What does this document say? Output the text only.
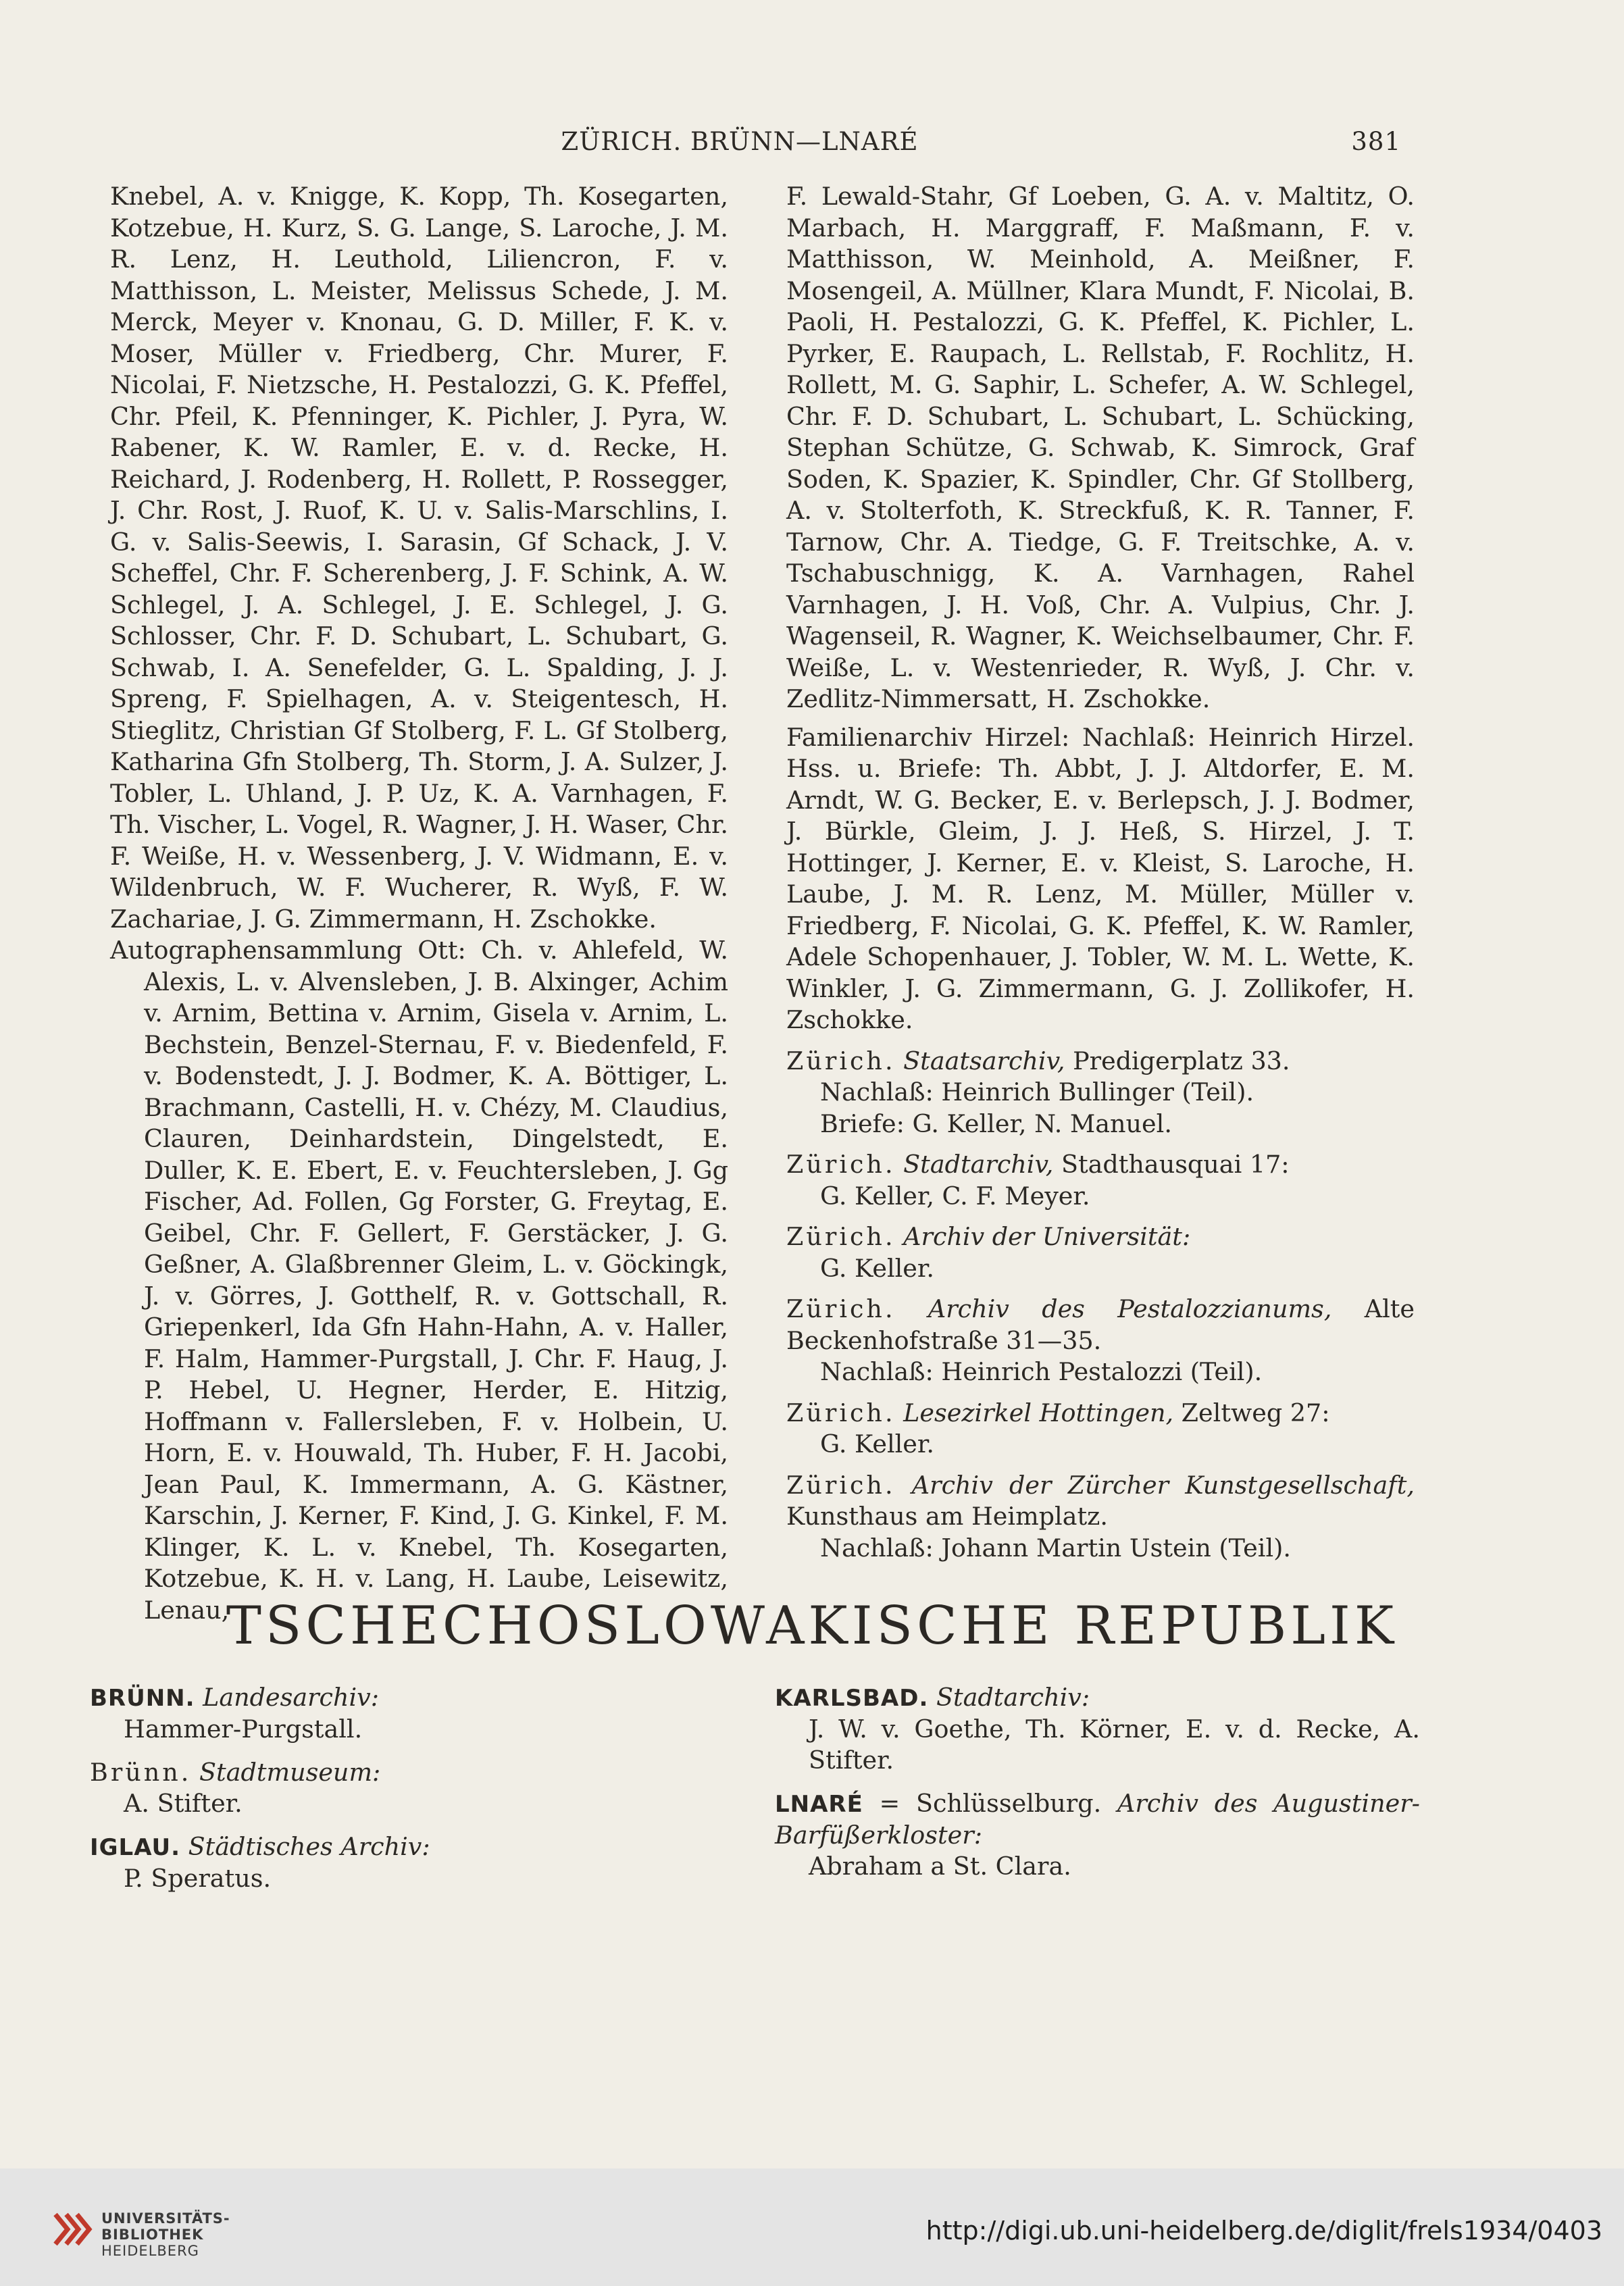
ZÜRICH. BRÜNN—LNARÉ	381

Knebel, A. v. Knigge, K. Kopp, Th. Kosegarten, Kotzebue, H. Kurz, S. G. Lange, S. Laroche, J. M. R. Lenz, H. Leuthold, Liliencron, F. v. Matthisson, L. Meister, Melissus Schede, J. M. Merck, Meyer v. Knonau, G. D. Miller, F. K. v. Moser, Müller v. Friedberg, Chr. Murer, F. Nicolai, F. Nietzsche, H. Pestalozzi, G. K. Pfeffel, Chr. Pfeil, K. Pfenninger, K. Pichler, J. Pyra, W. Rabener, K. W. Ramler, E. v. d. Recke, H. Reichard, J. Rodenberg, H. Rollett, P. Rossegger, J. Chr. Rost, J. Ruof, K. U. v. Salis-Marschlins, I. G. v. Salis-Seewis, I. Sarasin, Gf Schack, J. V. Scheffel, Chr. F. Scherenberg, J. F. Schink, A. W. Schlegel, J. A. Schlegel, J. E. Schlegel, J. G. Schlosser, Chr. F. D. Schubart, L. Schubart, G. Schwab, I. A. Senefelder, G. L. Spalding, J. J. Spreng, F. Spielhagen, A. v. Steigentesch, H. Stieglitz, Christian Gf Stolberg, F. L. Gf Stolberg, Katharina Gfn Stolberg, Th. Storm, J. A. Sulzer, J. Tobler, L. Uhland, J. P. Uz, K. A. Varnhagen, F. Th. Vischer, L. Vogel, R. Wagner, J. H. Waser, Chr. F. Weiße, H. v. Wessenberg, J. V. Widmann, E. v. Wildenbruch, W. F. Wucherer, R. Wyß, F. W. Zachariae, J. G. Zimmermann, H. Zschokke.

Autographensammlung Ott: Ch. v. Ahlefeld, W. Alexis, L. v. Alvensleben, J. B. Alxinger, Achim v. Arnim, Bettina v. Arnim, Gisela v. Arnim, L. Bechstein, Benzel-Sternau, F. v. Biedenfeld, F. v. Bodenstedt, J. J. Bodmer, K. A. Böttiger, L. Brachmann, Castelli, H. v. Chézy, M. Claudius, Clauren, Deinhardstein, Dingelstedt, E. Duller, K. E. Ebert, E. v. Feuchtersleben, J. Gg Fischer, Ad. Follen, Gg Forster, G. Freytag, E. Geibel, Chr. F. Gellert, F. Gerstäcker, J. G. Geßner, A. Glaßbrenner Gleim, L. v. Göckingk, J. v. Görres, J. Gotthelf, R. v. Gottschall, R. Griepenkerl, Ida Gfn Hahn-Hahn, A. v. Haller, F. Halm, Hammer-Purgstall, J. Chr. F. Haug, J. P. Hebel, U. Hegner, Herder, E. Hitzig, Hoffmann v. Fallersleben, F. v. Holbein, U. Horn, E. v. Houwald, Th. Huber, F. H. Jacobi, Jean Paul, K. Immermann, A. G. Kästner, Karschin, J. Kerner, F. Kind, J. G. Kinkel, F. M. Klinger, K. L. v. Knebel, Th. Kosegarten, Kotzebue, K. H. v. Lang, H. Laube, Leisewitz, Lenau,

F. Lewald-Stahr, Gf Loeben, G. A. v. Maltitz, O. Marbach, H. Marggraff, F. Maßmann, F. v. Matthisson, W. Meinhold, A. Meißner, F. Mosengeil, A. Müllner, Klara Mundt, F. Nicolai, B. Paoli, H. Pestalozzi, G. K. Pfeffel, K. Pichler, L. Pyrker, E. Raupach, L. Rellstab, F. Rochlitz, H. Rollett, M. G. Saphir, L. Schefer, A. W. Schlegel, Chr. F. D. Schubart, L. Schubart, L. Schücking, Stephan Schütze, G. Schwab, K. Simrock, Graf Soden, K. Spazier, K. Spindler, Chr. Gf Stollberg, A. v. Stolterfoth, K. Streckfuß, K. R. Tanner, F. Tarnow, Chr. A. Tiedge, G. F. Treitschke, A. v. Tschabuschnigg, K. A. Varnhagen, Rahel Varnhagen, J. H. Voß, Chr. A. Vulpius, Chr. J. Wagenseil, R. Wagner, K. Weichselbaumer, Chr. F. Weiße, L. v. Westenrieder, R. Wyß, J. Chr. v. Zedlitz-Nimmersatt, H. Zschokke.

Familienarchiv Hirzel: Nachlaß: Heinrich Hirzel. Hss. u. Briefe: Th. Abbt, J. J. Altdorfer, E. M. Arndt, W. G. Becker, E. v. Berlepsch, J. J. Bodmer, J. Bürkle, Gleim, J. J. Heß, S. Hirzel, J. T. Hottinger, J. Kerner, E. v. Kleist, S. Laroche, H. Laube, J. M. R. Lenz, M. Müller, Müller v. Friedberg, F. Nicolai, G. K. Pfeffel, K. W. Ramler, Adele Schopenhauer, J. Tobler, W. M. L. Wette, K. Winkler, J. G. Zimmermann, G. J. Zollikofer, H. Zschokke.

Zürich. Staatsarchiv, Predigerplatz 33.

Nachlaß: Heinrich Bullinger (Teil).

Briefe: G. Keller, N. Manuel.

Zürich. Stadtarchiv, Stadthausquai 17:

G. Keller, C. F. Meyer.

Zürich. Archiv der Universität:

G. Keller.

Zürich. Archiv des Pestalozzianums, Alte Beckenhofstraße 31—35.

Nachlaß: Heinrich Pestalozzi (Teil).

Zürich. Lesezirkel Hottingen, Zeltweg 27:

G. Keller.

Zürich. Archiv der Zürcher Kunstgesellschaft, Kunsthaus am Heimplatz.

Nachlaß: Johann Martin Ustein (Teil).

TSCHECHOSLOWAKISCHE REPUBLIK

BRÜNN. Landesarchiv:

Hammer-Purgstall.

Brünn. Stadtmuseum:

A. Stifter.

IGLAU. Städtisches Archiv:

P. Speratus.

KARLSBAD. Stadtarchiv:

J. W. v. Goethe, Th. Körner, E. v. d. Recke, A. Stifter.

LNARÉ = Schlüsselburg. Archiv des Augustiner-Barfüßerkloster:

Abraham a St. Clara.

UNIVERSITÄTS-
BIBLIOTHEK
HEIDELBERG
http://digi.ub.uni-heidelberg.de/diglit/frels1934/0403
